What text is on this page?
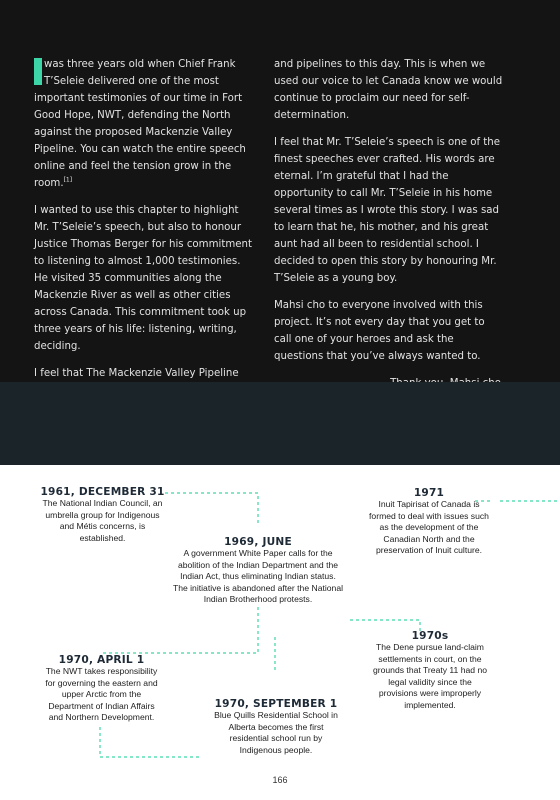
was three years old when Chief Frank T’Seleie delivered one of the most important testimonies of our time in Fort Good Hope, NWT, defending the North against the proposed Mackenzie Valley Pipeline. You can watch the entire speech online and feel the tension grow in the room.[1]

I wanted to use this chapter to highlight Mr. T’Seleie’s speech, but also to honour Justice Thomas Berger for his commitment to listening to almost 1,000 testimonies. He visited 35 communities along the Mackenzie River as well as other cities across Canada. This commitment took up three years of his life: listening, writing, deciding.

I feel that The Mackenzie Valley Pipeline

and pipelines to this day. This is when we used our voice to let Canada know we would continue to proclaim our need for self-determination.

I feel that Mr. T’Seleie’s speech is one of the finest speeches ever crafted. His words are eternal. I’m grateful that I had the opportunity to call Mr. T’Seleie in his home several times as I wrote this story. I was sad to learn that he, his mother, and his great aunt had all been to residential school. I decided to open this story by honouring Mr. T’Seleie as a young boy.

Mahsi cho to everyone involved with this project. It’s not every day that you get to call one of your heroes and ask the questions that you’ve always wanted to.

1961, DECEMBER 31
The National Indian Council, an umbrella group for Indigenous and Métis concerns, is established.	1969, JUNE
A government White Paper calls for the abolition of the Indian Department and the Indian Act, thus eliminating Indian status. The initiative is abandoned after the National Indian Brotherhood protests.
1971
Inuit Tapirisat of Canada is formed to deal with issues such as the development of the Canadian North and the preservation of Inuit culture.
1970s
The Dene pursue land-claim settlements in court, on the grounds that Treaty 11 had no legal validity since the provisions were improperly implemented.
1970, APRIL 1
The NWT takes responsibility for governing the eastern and upper Arctic from the Department of Indian Affairs and Northern Development.
1970, SEPTEMBER 1
Blue Quills Residential School in Alberta becomes the first residential school run by Indigenous people.
166
